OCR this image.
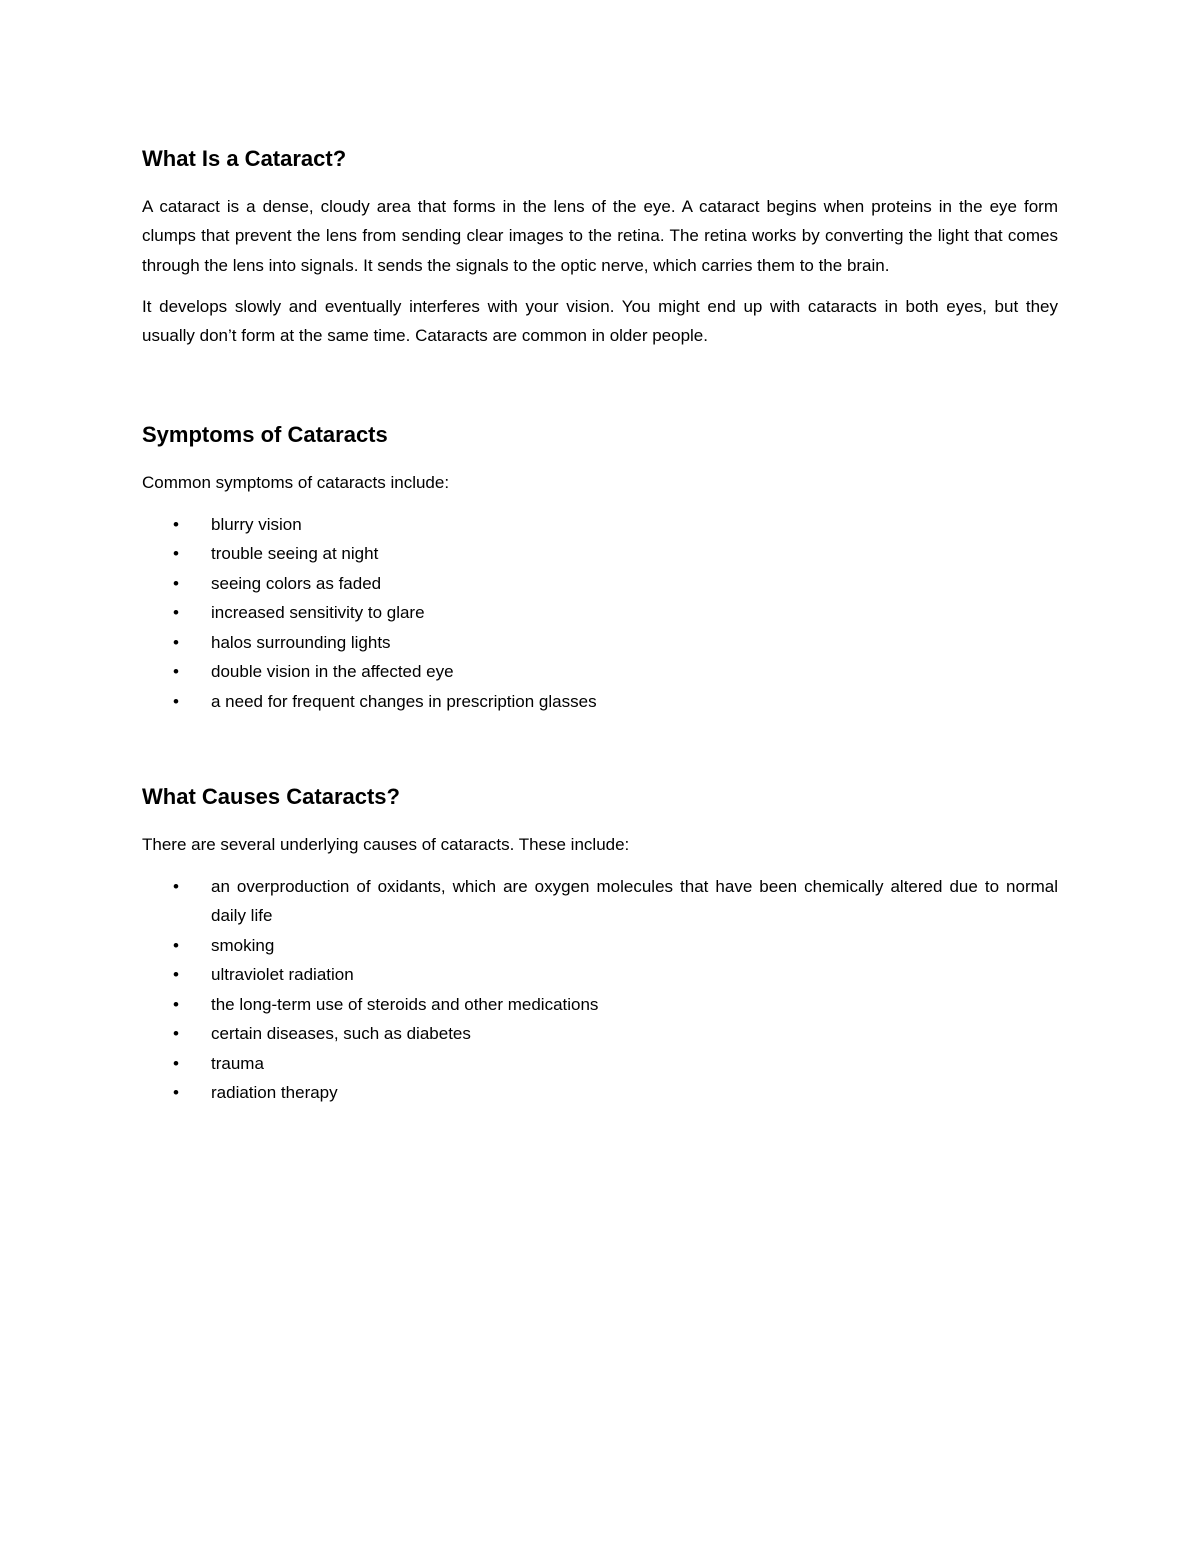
What Is a Cataract?

A cataract is a dense, cloudy area that forms in the lens of the eye. A cataract begins when proteins in the eye form clumps that prevent the lens from sending clear images to the retina. The retina works by converting the light that comes through the lens into signals. It sends the signals to the optic nerve, which carries them to the brain.

It develops slowly and eventually interferes with your vision. You might end up with cataracts in both eyes, but they usually don’t form at the same time. Cataracts are common in older people.

Symptoms of Cataracts

Common symptoms of cataracts include:

• blurry vision
• trouble seeing at night
• seeing colors as faded
• increased sensitivity to glare
• halos surrounding lights
• double vision in the affected eye
• a need for frequent changes in prescription glasses
What Causes Cataracts?

There are several underlying causes of cataracts. These include:

• an overproduction of oxidants, which are oxygen molecules that have been chemically altered due to normal daily life
• smoking
• ultraviolet radiation
• the long-term use of steroids and other medications
• certain diseases, such as diabetes
• trauma
• radiation therapy
